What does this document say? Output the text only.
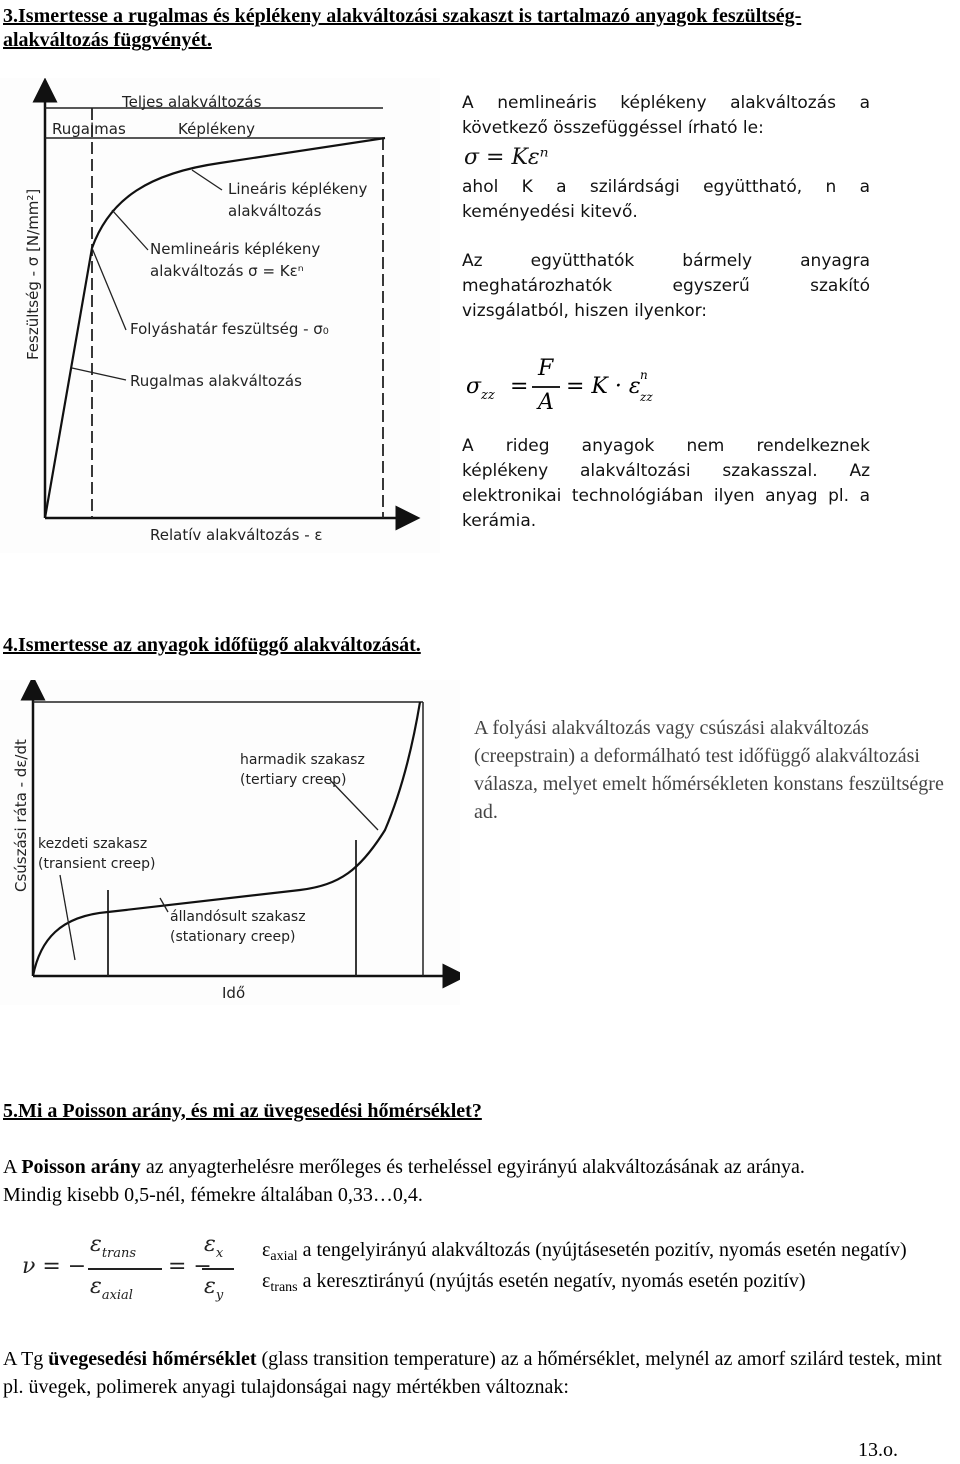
3.Ismertesse a rugalmas és képlékeny alakváltozási szakaszt is tartalmazó anyagok feszültség-

alakváltozás függvényét.

Teljes alakváltozás
Rugalmas	Képlékeny
Lineáris képlékeny
alakváltozás
Nemlineáris képlékeny
alakváltozás σ = Kεⁿ
Folyáshatár feszültség - σ₀
Rugalmas alakváltozás
Relatív alakváltozás - ε
Feszültség - σ [N/mm²]
A nemlineáris képlékeny alakváltozás a
következő összefüggéssel írható le:
σ = Kεⁿ
ahol K a szilárdsági együttható, n a
keményedési kitevő.
Az együtthatók bármely anyagra
meghatározhatók egyszerű szakító
vizsgálatból, hiszen ilyenkor:
$\sigma_{zz}$ =
F
A
= K · ε n
zz
A rideg anyagok nem rendelkeznek
képlékeny alakváltozási szakasszal. Az
elektronikai technológiában ilyen anyag pl. a
kerámia.

4.Ismertesse az anyagok időfüggő alakváltozását.

harmadik szakasz
(tertiary creep)
kezdeti szakasz
(transient creep)
állandósult szakasz
(stationary creep)
Idő
Csúszási ráta - dε/dt

A folyási alakváltozás vagy csúszási alakváltozás (creepstrain) a deformálható test időfüggő alakváltozási válasza, melyet emelt hőmérsékleten konstans feszültségre ad.

5.Mi a Poisson arány, és mi az üvegesedési hőmérséklet?

A Poisson arány az anyagterhelésre merőleges és terheléssel egyirányú alakváltozásának az aránya.

Mindig kisebb 0,5-nél, fémekre általában 0,33…0,4.

ν = −
$\varepsilon_{trans}$
$\varepsilon_{axial}$
= −
$\varepsilon_x$
$\varepsilon_y$

$\varepsilon_{axial}$ a tengelyirányú alakváltozás (nyújtásesetén pozitív, nyomás esetén negatív)

$\varepsilon_{trans}$ a keresztirányú (nyújtás esetén negatív, nyomás esetén pozitív)

A Tg üvegesedési hőmérséklet (glass transition temperature) az a hőmérséklet, melynél az amorf szilárd testek, mint pl. üvegek, polimerek anyagi tulajdonságai nagy mértékben változnak:

13.o.
